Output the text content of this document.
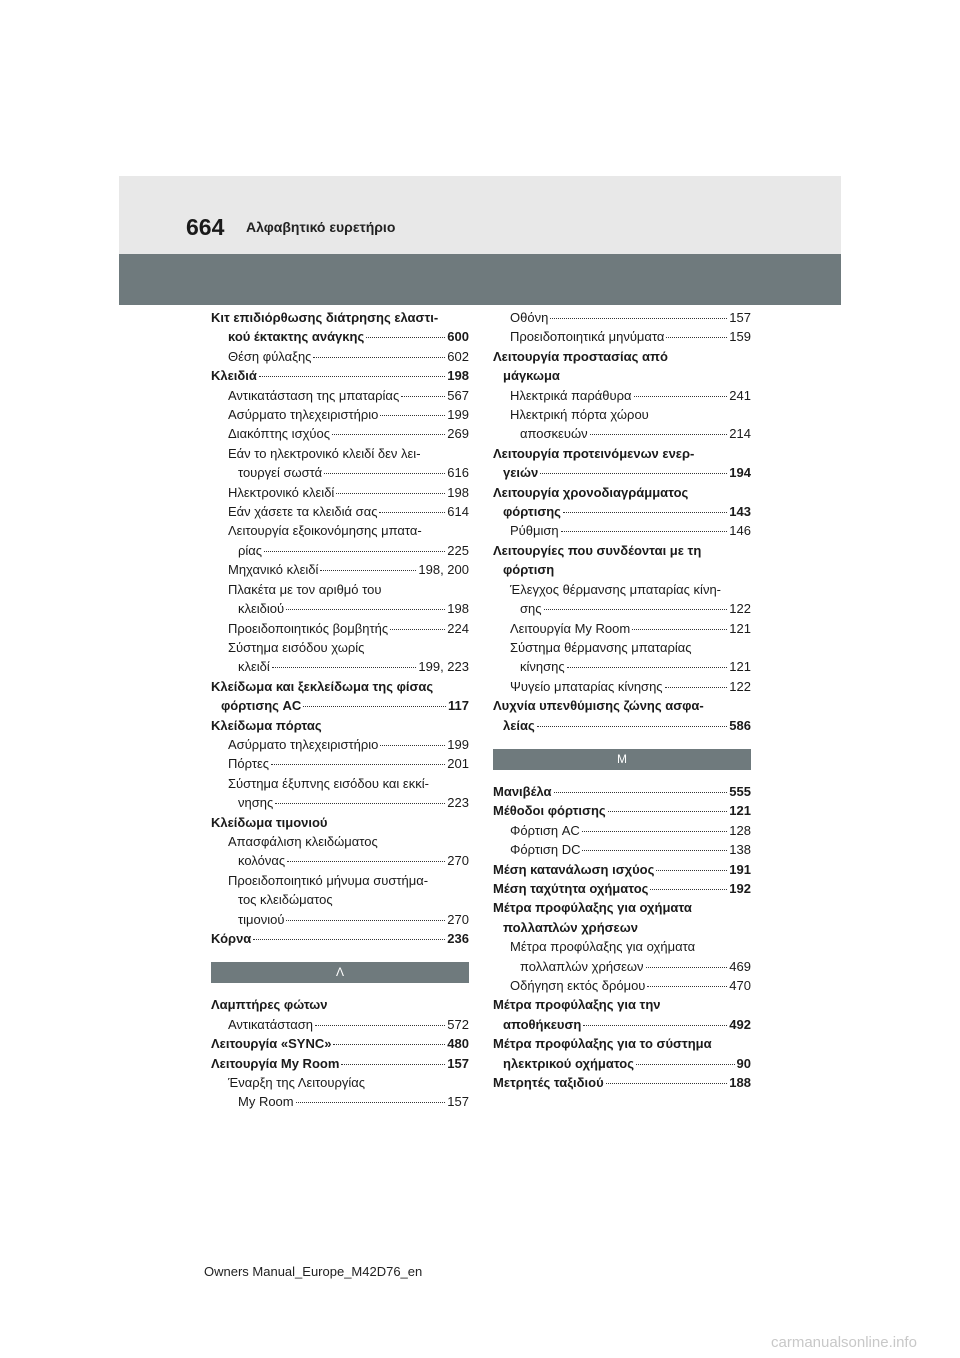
664 Αλφαβητικό ευρετήριο
Κιτ επιδιόρθωσης διάτρησης ελαστι-
κού έκτακτης ανάγκης	600
Θέση φύλαξης	602
Κλειδιά	198
Αντικατάσταση της μπαταρίας	567
Ασύρματο τηλεχειριστήριο	199
Διακόπτης ισχύος	269
Εάν το ηλεκτρονικό κλειδί δεν λει-
τουργεί σωστά	616
Ηλεκτρονικό κλειδί	198
Εάν χάσετε τα κλειδιά σας	614
Λειτουργία εξοικονόμησης μπατα-
ρίας	225
Μηχανικό κλειδί	198, 200
Πλακέτα με τον αριθμό του
κλειδιού	198
Προειδοποιητικός βομβητής	224
Σύστημα εισόδου χωρίς
κλειδί	199, 223
Κλείδωμα και ξεκλείδωμα της φίσας
φόρτισης AC	117
Κλείδωμα πόρτας
Ασύρματο τηλεχειριστήριο	199
Πόρτες	201
Σύστημα έξυπνης εισόδου και εκκί-
νησης	223
Κλείδωμα τιμονιού
Απασφάλιση κλειδώματος
κολόνας	270
Προειδοποιητικό μήνυμα συστήμα-
τος κλειδώματος
τιμονιού	270
Κόρνα	236
Λ
Λαμπτήρες φώτων
Αντικατάσταση	572
Λειτουργία «SYNC»	480
Λειτουργία My Room	157
Έναρξη της Λειτουργίας
My Room	157
Οθόνη	157
Προειδοποιητικά μηνύματα	159
Λειτουργία προστασίας από
μάγκωμα
Ηλεκτρικά παράθυρα	241
Ηλεκτρική πόρτα χώρου
αποσκευών	214
Λειτουργία προτεινόμενων ενερ-
γειών	194
Λειτουργία χρονοδιαγράμματος
φόρτισης	143
Ρύθμιση	146
Λειτουργίες που συνδέονται με τη
φόρτιση
Έλεγχος θέρμανσης μπαταρίας κίνη-
σης	122
Λειτουργία My Room	121
Σύστημα θέρμανσης μπαταρίας
κίνησης	121
Ψυγείο μπαταρίας κίνησης	122
Λυχνία υπενθύμισης ζώνης ασφα-
λείας	586
Μ
Μανιβέλα	555
Μέθοδοι φόρτισης	121
Φόρτιση AC	128
Φόρτιση DC	138
Μέση κατανάλωση ισχύος	191
Μέση ταχύτητα οχήματος	192
Μέτρα προφύλαξης για οχήματα
πολλαπλών χρήσεων
Μέτρα προφύλαξης για οχήματα
πολλαπλών χρήσεων	469
Οδήγηση εκτός δρόμου	470
Μέτρα προφύλαξης για την
αποθήκευση	492
Μέτρα προφύλαξης για το σύστημα
ηλεκτρικού οχήματος	90
Μετρητές ταξιδιού	188
Owners Manual_Europe_M42D76_en
carmanualsonline.info
